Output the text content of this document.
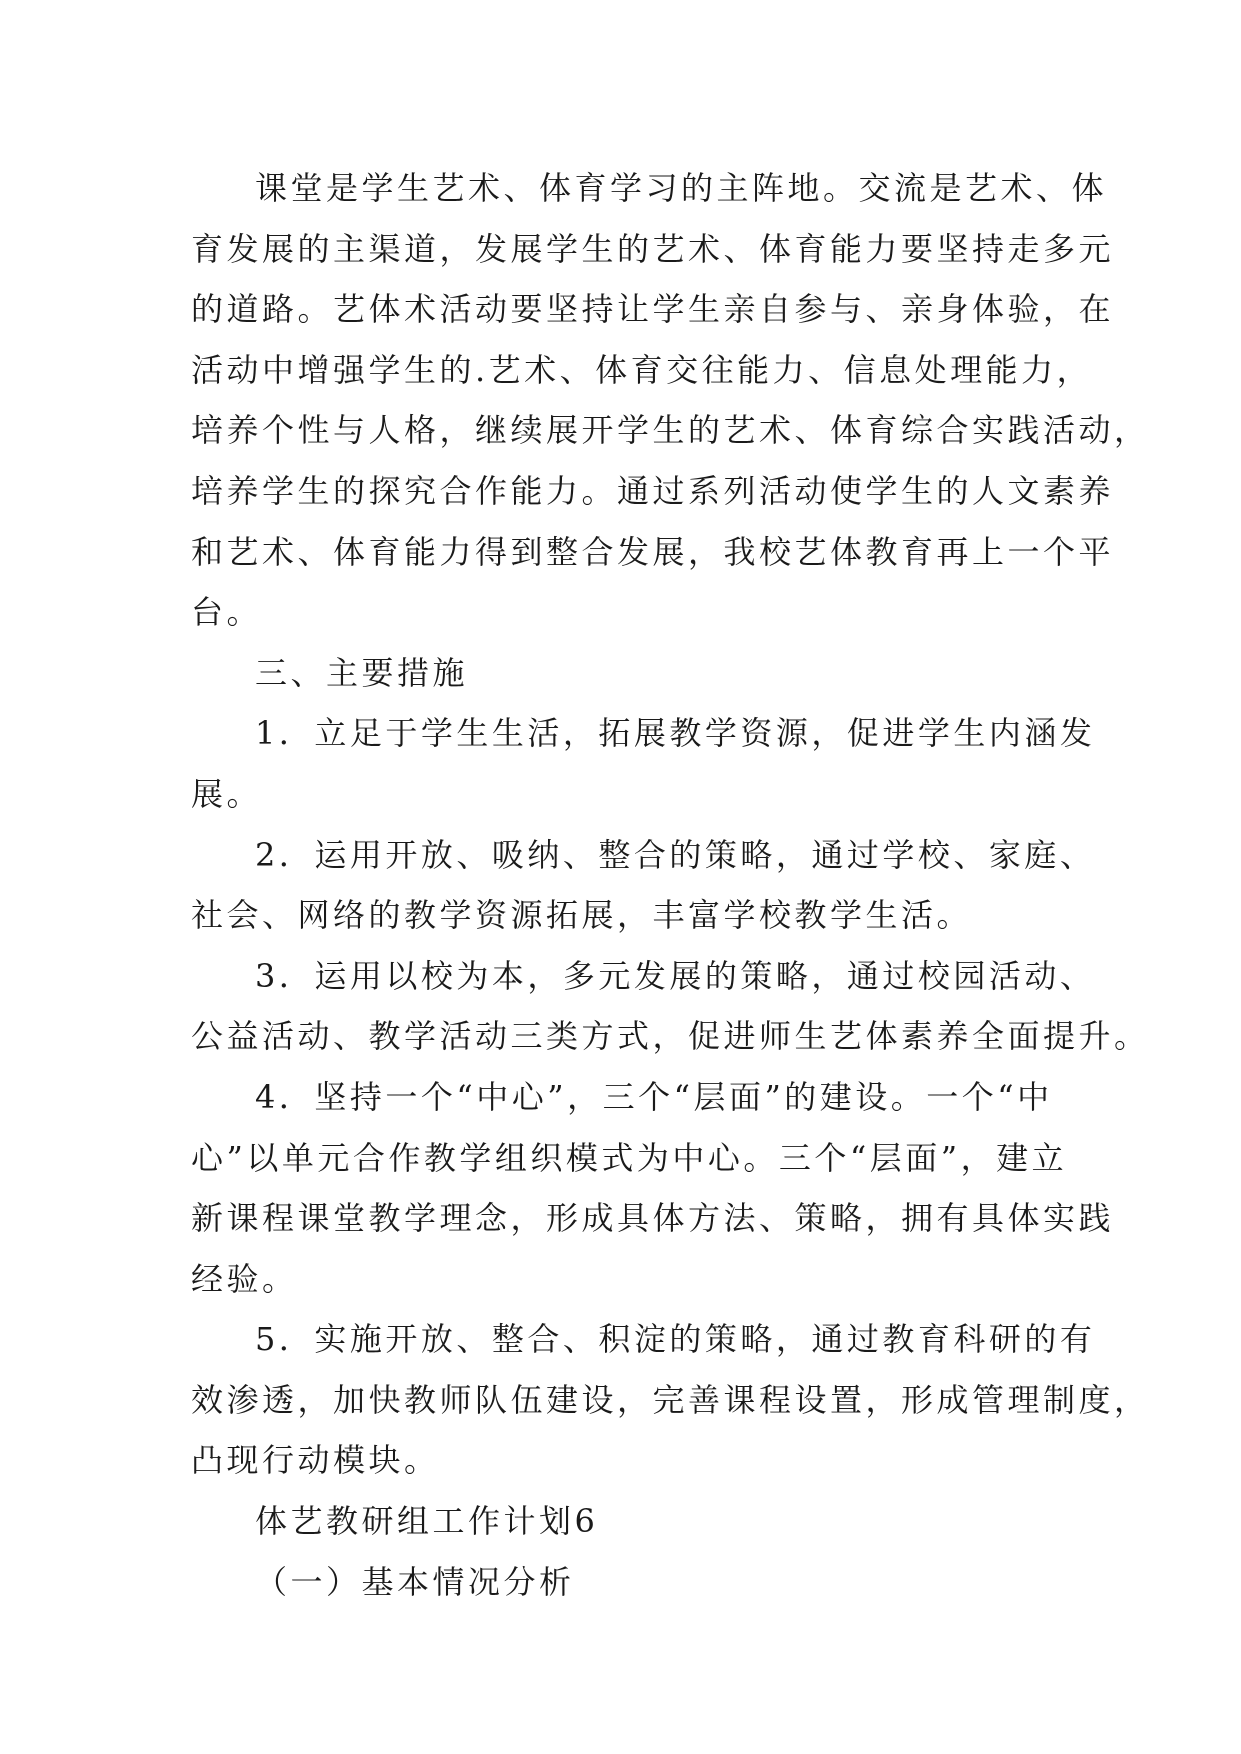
课堂是学生艺术、体育学习的主阵地。交流是艺术、体
育发展的主渠道，发展学生的艺术、体育能力要坚持走多元
的道路。艺体术活动要坚持让学生亲自参与、亲身体验，在
活动中增强学生的.艺术、体育交往能力、信息处理能力，
培养个性与人格，继续展开学生的艺术、体育综合实践活动，
培养学生的探究合作能力。通过系列活动使学生的人文素养
和艺术、体育能力得到整合发展，我校艺体教育再上一个平
台。

三、主要措施

1．立足于学生生活，拓展教学资源，促进学生内涵发
展。

2．运用开放、吸纳、整合的策略，通过学校、家庭、
社会、网络的教学资源拓展，丰富学校教学生活。

3．运用以校为本，多元发展的策略，通过校园活动、
公益活动、教学活动三类方式，促进师生艺体素养全面提升。

4．坚持一个“中心”，三个“层面”的建设。一个“中
心”以单元合作教学组织模式为中心。三个“层面”，建立
新课程课堂教学理念，形成具体方法、策略，拥有具体实践
经验。

5．实施开放、整合、积淀的策略，通过教育科研的有
效渗透，加快教师队伍建设，完善课程设置，形成管理制度，
凸现行动模块。

体艺教研组工作计划6

（一）基本情况分析
